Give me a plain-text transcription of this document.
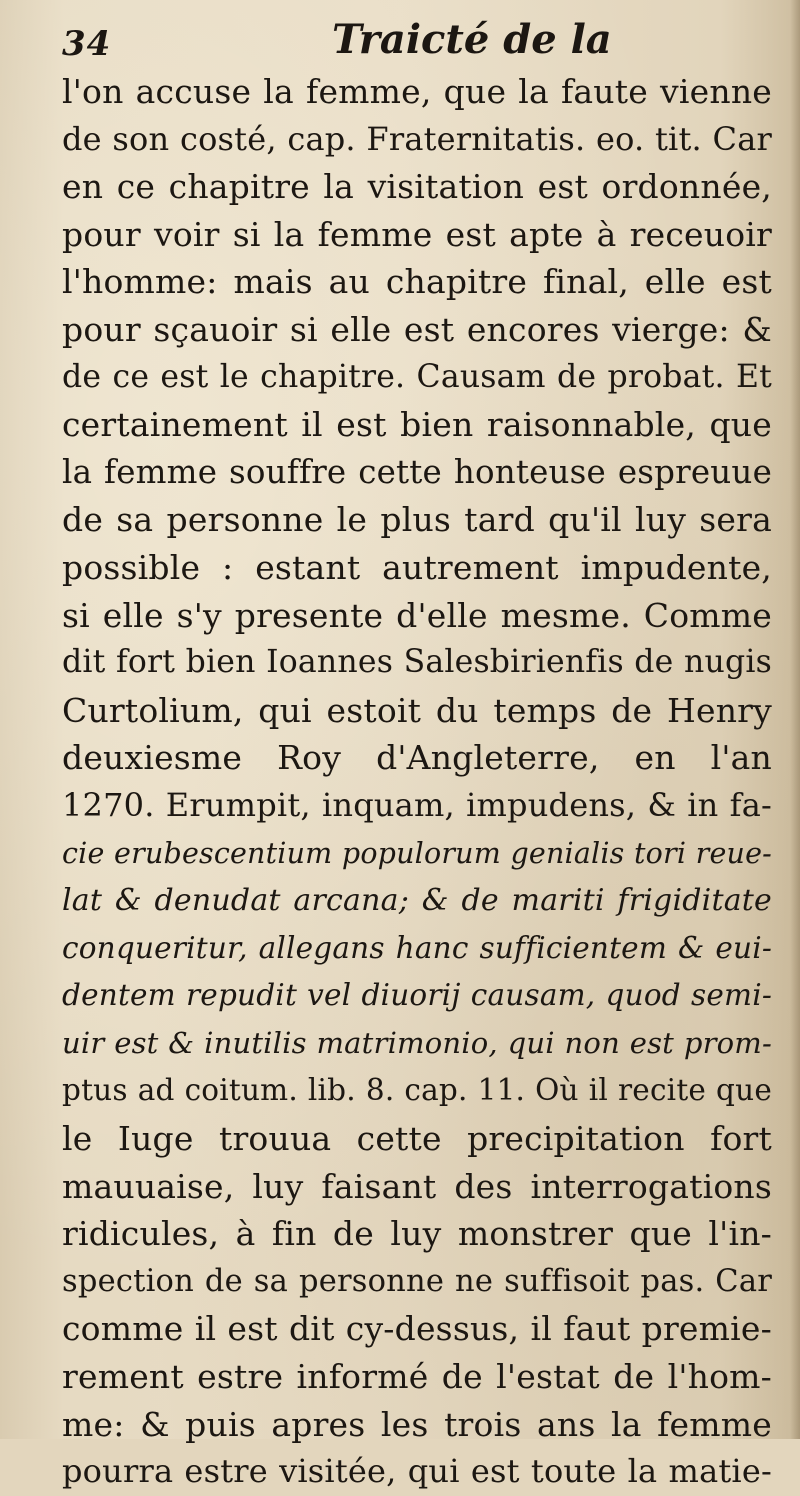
34	Traicté de la
l'on accuse la femme, que la faute vienne
de son costé, cap. Fraternitatis. eo. tit. Car
en ce chapitre la visitation est ordonnée,
pour voir si la femme est apte à receuoir
l'homme: mais au chapitre final, elle est
pour sçauoir si elle est encores vierge: &
de ce est le chapitre. Causam de probat. Et
certainement il est bien raisonnable, que
la femme souffre cette honteuse espreuue
de sa personne le plus tard qu'il luy sera
possible : estant autrement impudente,
si elle s'y presente d'elle mesme. Comme
dit fort bien Ioannes Salesbirienfis de nugis
Curtolium, qui estoit du temps de Henry
deuxiesme Roy d'Angleterre, en l'an
1270. Erumpit, inquam, impudens, & in fa-
cie erubescentium populorum genialis tori reue-
lat & denudat arcana; & de mariti frigiditate
conqueritur, allegans hanc sufficientem & eui-
dentem repudit vel diuorij causam, quod semi-
uir est & inutilis matrimonio, qui non est prom-
ptus ad coitum. lib. 8. cap. 11. Où il recite que
le Iuge trouua cette precipitation fort
mauuaise, luy faisant des interrogations
ridicules, à fin de luy monstrer que l'in-
spection de sa personne ne suffisoit pas. Car
comme il est dit cy-dessus, il faut premie-
rement estre informé de l'estat de l'hom-
me: & puis apres les trois ans la femme
pourra estre visitée, qui est toute la matie-
